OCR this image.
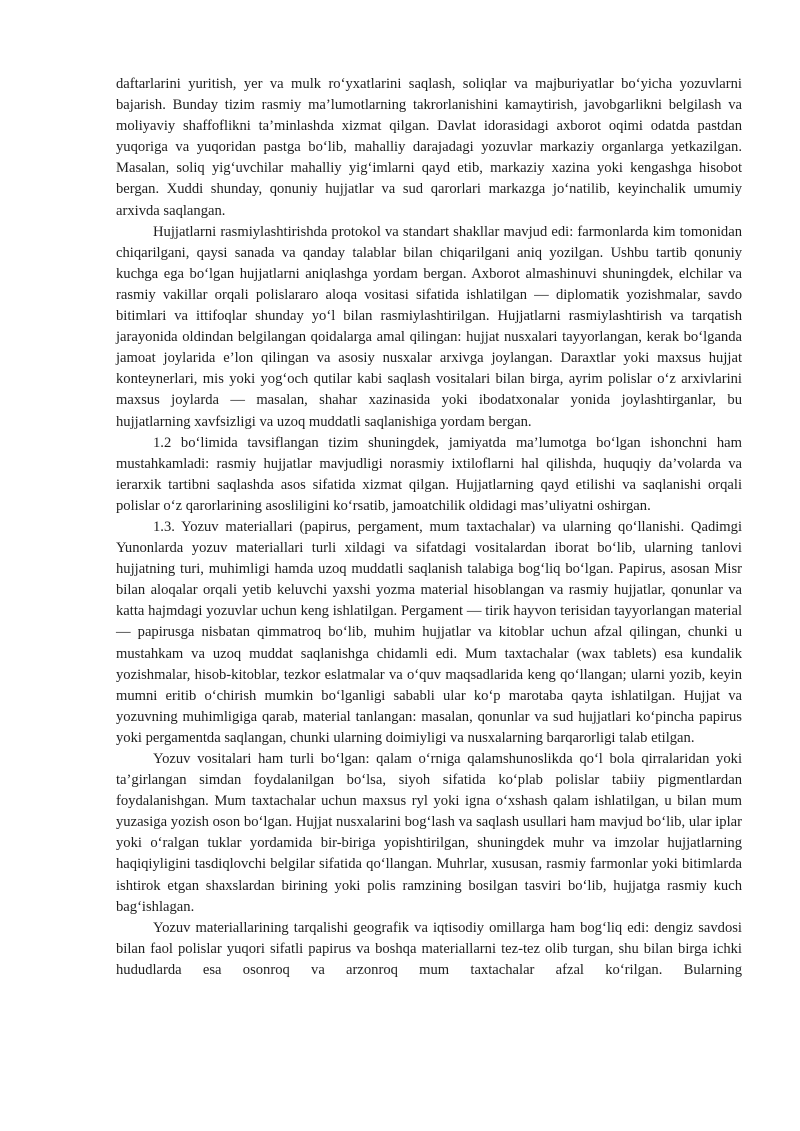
daftarlarini yuritish, yer va mulk ro‘yxatlarini saqlash, soliqlar va majburiyatlar bo‘yicha yozuvlarni bajarish. Bunday tizim rasmiy ma’lumotlarning takrorlanishini kamaytirish, javobgarlikni belgilash va moliyaviy shaffoflikni ta’minlashda xizmat qilgan. Davlat idorasidagi axborot oqimi odatda pastdan yuqoriga va yuqoridan pastga bo‘lib, mahalliy darajadagi yozuvlar markaziy organlarga yetkazilgan. Masalan, soliq yig‘uvchilar mahalliy yig‘imlarni qayd etib, markaziy xazina yoki kengashga hisobot bergan. Xuddi shunday, qonuniy hujjatlar va sud qarorlari markazga jo‘natilib, keyinchalik umumiy arxivda saqlangan.

Hujjatlarni rasmiylashtirishda protokol va standart shakllar mavjud edi: farmonlarda kim tomonidan chiqarilgani, qaysi sanada va qanday talablar bilan chiqarilgani aniq yozilgan. Ushbu tartib qonuniy kuchga ega bo‘lgan hujjatlarni aniqlashga yordam bergan. Axborot almashinuvi shuningdek, elchilar va rasmiy vakillar orqali polislararo aloqa vositasi sifatida ishlatilgan — diplomatik yozishmalar, savdo bitimlari va ittifoqlar shunday yo‘l bilan rasmiylashtirilgan. Hujjatlarni rasmiylashtirish va tarqatish jarayonida oldindan belgilangan qoidalarga amal qilingan: hujjat nusxalari tayyorlangan, kerak bo‘lganda jamoat joylarida e’lon qilingan va asosiy nusxalar arxivga joylangan. Daraxtlar yoki maxsus hujjat konteynerlari, mis yoki yog‘och qutilar kabi saqlash vositalari bilan birga, ayrim polislar o‘z arxivlarini maxsus joylarda — masalan, shahar xazinasida yoki ibodatxonalar yonida joylashtirganlar, bu hujjatlarning xavfsizligi va uzoq muddatli saqlanishiga yordam bergan.

1.2 bo‘limida tavsiflangan tizim shuningdek, jamiyatda ma’lumotga bo‘lgan ishonchni ham mustahkamladi: rasmiy hujjatlar mavjudligi norasmiy ixtiloflarni hal qilishda, huquqiy da’volarda va ierarxik tartibni saqlashda asos sifatida xizmat qilgan. Hujjatlarning qayd etilishi va saqlanishi orqali polislar o‘z qarorlarining asosliligini ko‘rsatib, jamoatchilik oldidagi mas’uliyatni oshirgan.

1.3. Yozuv materiallari (papirus, pergament, mum taxtachalar) va ularning qo‘llanishi. Qadimgi Yunonlarda yozuv materiallari turli xildagi va sifatdagi vositalardan iborat bo‘lib, ularning tanlovi hujjatning turi, muhimligi hamda uzoq muddatli saqlanish talabiga bog‘liq bo‘lgan. Papirus, asosan Misr bilan aloqalar orqali yetib keluvchi yaxshi yozma material hisoblangan va rasmiy hujjatlar, qonunlar va katta hajmdagi yozuvlar uchun keng ishlatilgan. Pergament — tirik hayvon terisidan tayyorlangan material — papirusga nisbatan qimmatroq bo‘lib, muhim hujjatlar va kitoblar uchun afzal qilingan, chunki u mustahkam va uzoq muddat saqlanishga chidamli edi. Mum taxtachalar (wax tablets) esa kundalik yozishmalar, hisob-kitoblar, tezkor eslatmalar va o‘quv maqsadlarida keng qo‘llangan; ularni yozib, keyin mumni eritib o‘chirish mumkin bo‘lganligi sababli ular ko‘p marotaba qayta ishlatilgan. Hujjat va yozuvning muhimligiga qarab, material tanlangan: masalan, qonunlar va sud hujjatlari ko‘pincha papirus yoki pergamentda saqlangan, chunki ularning doimiyligi va nusxalarning barqarorligi talab etilgan.

Yozuv vositalari ham turli bo‘lgan: qalam o‘rniga qalamshunoslikda qo‘l bola qirralaridan yoki ta’girlangan simdan foydalanilgan bo‘lsa, siyoh sifatida ko‘plab polislar tabiiy pigmentlardan foydalanishgan. Mum taxtachalar uchun maxsus ryl yoki igna o‘xshash qalam ishlatilgan, u bilan mum yuzasiga yozish oson bo‘lgan. Hujjat nusxalarini bog‘lash va saqlash usullari ham mavjud bo‘lib, ular iplar yoki o‘ralgan tuklar yordamida bir-biriga yopishtirilgan, shuningdek muhr va imzolar hujjatlarning haqiqiyligini tasdiqlovchi belgilar sifatida qo‘llangan. Muhrlar, xususan, rasmiy farmonlar yoki bitimlarda ishtirok etgan shaxslardan birining yoki polis ramzining bosilgan tasviri bo‘lib, hujjatga rasmiy kuch bag‘ishlagan.

Yozuv materiallarining tarqalishi geografik va iqtisodiy omillarga ham bog‘liq edi: dengiz savdosi bilan faol polislar yuqori sifatli papirus va boshqa materiallarni tez-tez olib turgan, shu bilan birga ichki hududlarda esa osonroq va arzonroq mum taxtachalar afzal ko‘rilgan. Bularning
